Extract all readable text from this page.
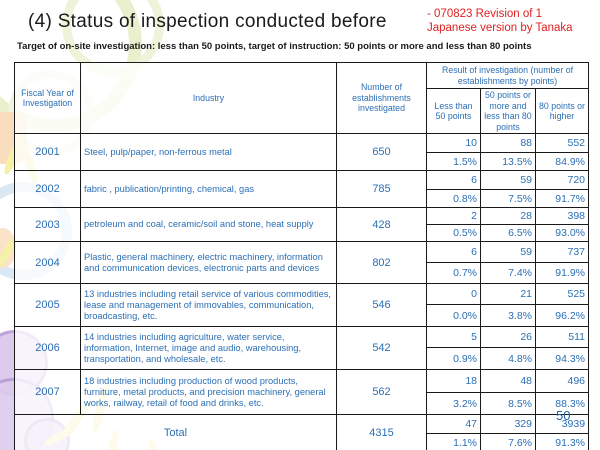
(4) Status of inspection conducted before	- 070823 Revision of 1
Japanese version by Tanaka
Target of on-site investigation: less than 50 points, target of instruction: 50 points or more and less than 80 points
Fiscal Year of Investigation	Industry	Number of establishments investigated	Result of investigation (number of establishments by points)		
			Less than 50 points	50 points or more and less than 80 points	80 points or higher
2001	Steel, pulp/paper, non-ferrous metal	650	10	88	552
			1.5%	13.5%	84.9%
2002	fabric , publication/printing, chemical, gas	785	6	59	720
			0.8%	7.5%	91.7%
2003	petroleum and coal, ceramic/soil and stone, heat supply	428	2	28	398
			0.5%	6.5%	93.0%
2004	Plastic, general machinery, electric machinery, information and communication devices, electronic parts and devices	802	6	59	737
			0.7%	7.4%	91.9%
2005	13 industries including retail service of various commodities, lease and management of immovables, communication, broadcasting, etc.	546	0	21	525
			0.0%	3.8%	96.2%
2006	14 industries including agriculture, water service, information, Internet, image and audio, warehousing, transportation, and wholesale, etc.	542	5	26	511
			0.9%	4.8%	94.3%
2007	18 industries including production of wood products, furniture, metal products, and precision machinery, general works, railway, retail of food and drinks, etc.	562	18	48	496
			3.2%	8.5%	88.3%
Total		4315	47	329	3939
			1.1%	7.6%	91.3%
50
